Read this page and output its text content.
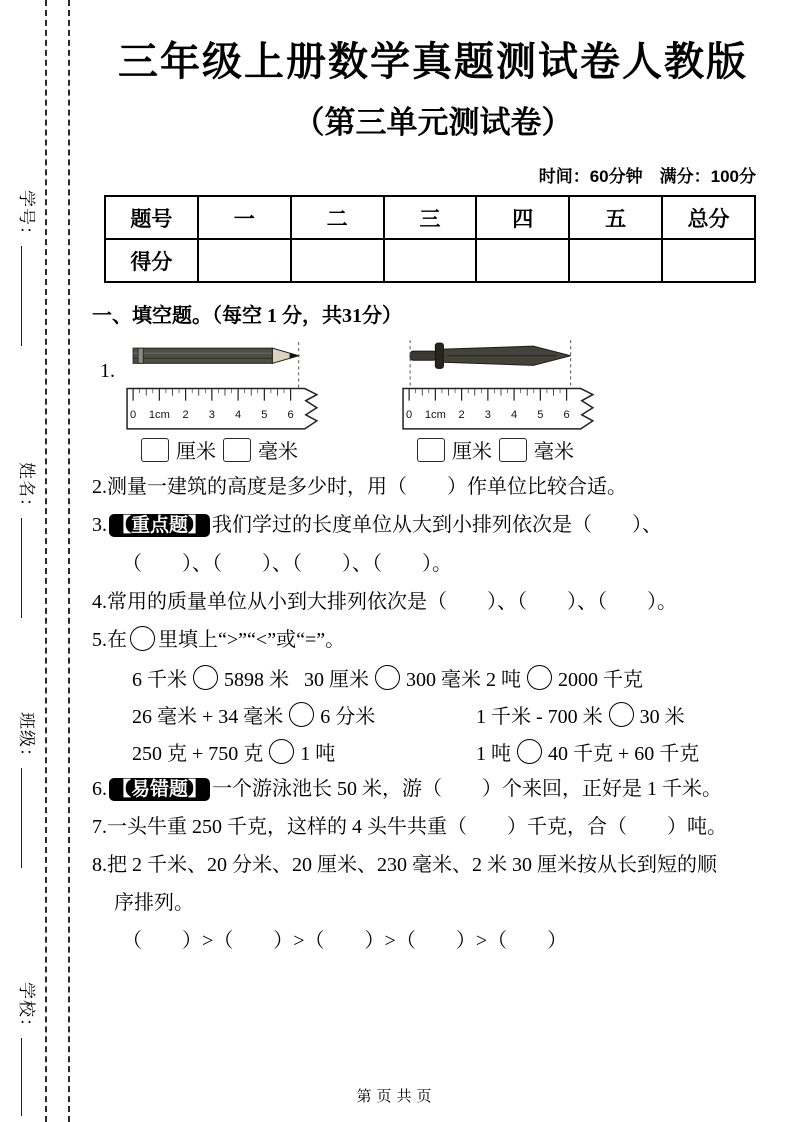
学号：
姓名：
班级：
学校：
三年级上册数学真题测试卷人教版
（第三单元测试卷）
时间：60分钟　满分：100分
题号	一	二	三	四	五	总分
得分						
一、填空题。（每空 1 分，共31分）
1.
0 1cm 2 3 4 5 6
厘米 毫米
0 1cm 2 3 4 5 6
厘米 毫米
2.测量一建筑的高度是多少时，用（　　）作单位比较合适。
3. 【重点题】 我们学过的长度单位从大到小排列依次是（　　）、
（　　）、（　　）、（　　）、（　　）。
4.常用的质量单位从小到大排列依次是（　　）、（　　）、（　　）。
5.在 里填上“>”“<”或“=”。
6 千米 5898 米 30 厘米 300 毫米 2 吨 2000 千克
26 毫米 + 34 毫米 6 分米	1 千米 - 700 米 30 米
250 克 + 750 克 1 吨	1 吨 40 千克 + 60 千克
6. 【易错题】 一个游泳池长 50 米，游（　　）个来回，正好是 1 千米。
7.一头牛重 250 千克，这样的 4 头牛共重（　　）千克，合（　　）吨。
8.把 2 千米、20 分米、20 厘米、230 毫米、2 米 30 厘米按从长到短的顺
序排列。
（　　）>（　　）>（　　）>（　　）>（　　）
第页共页
